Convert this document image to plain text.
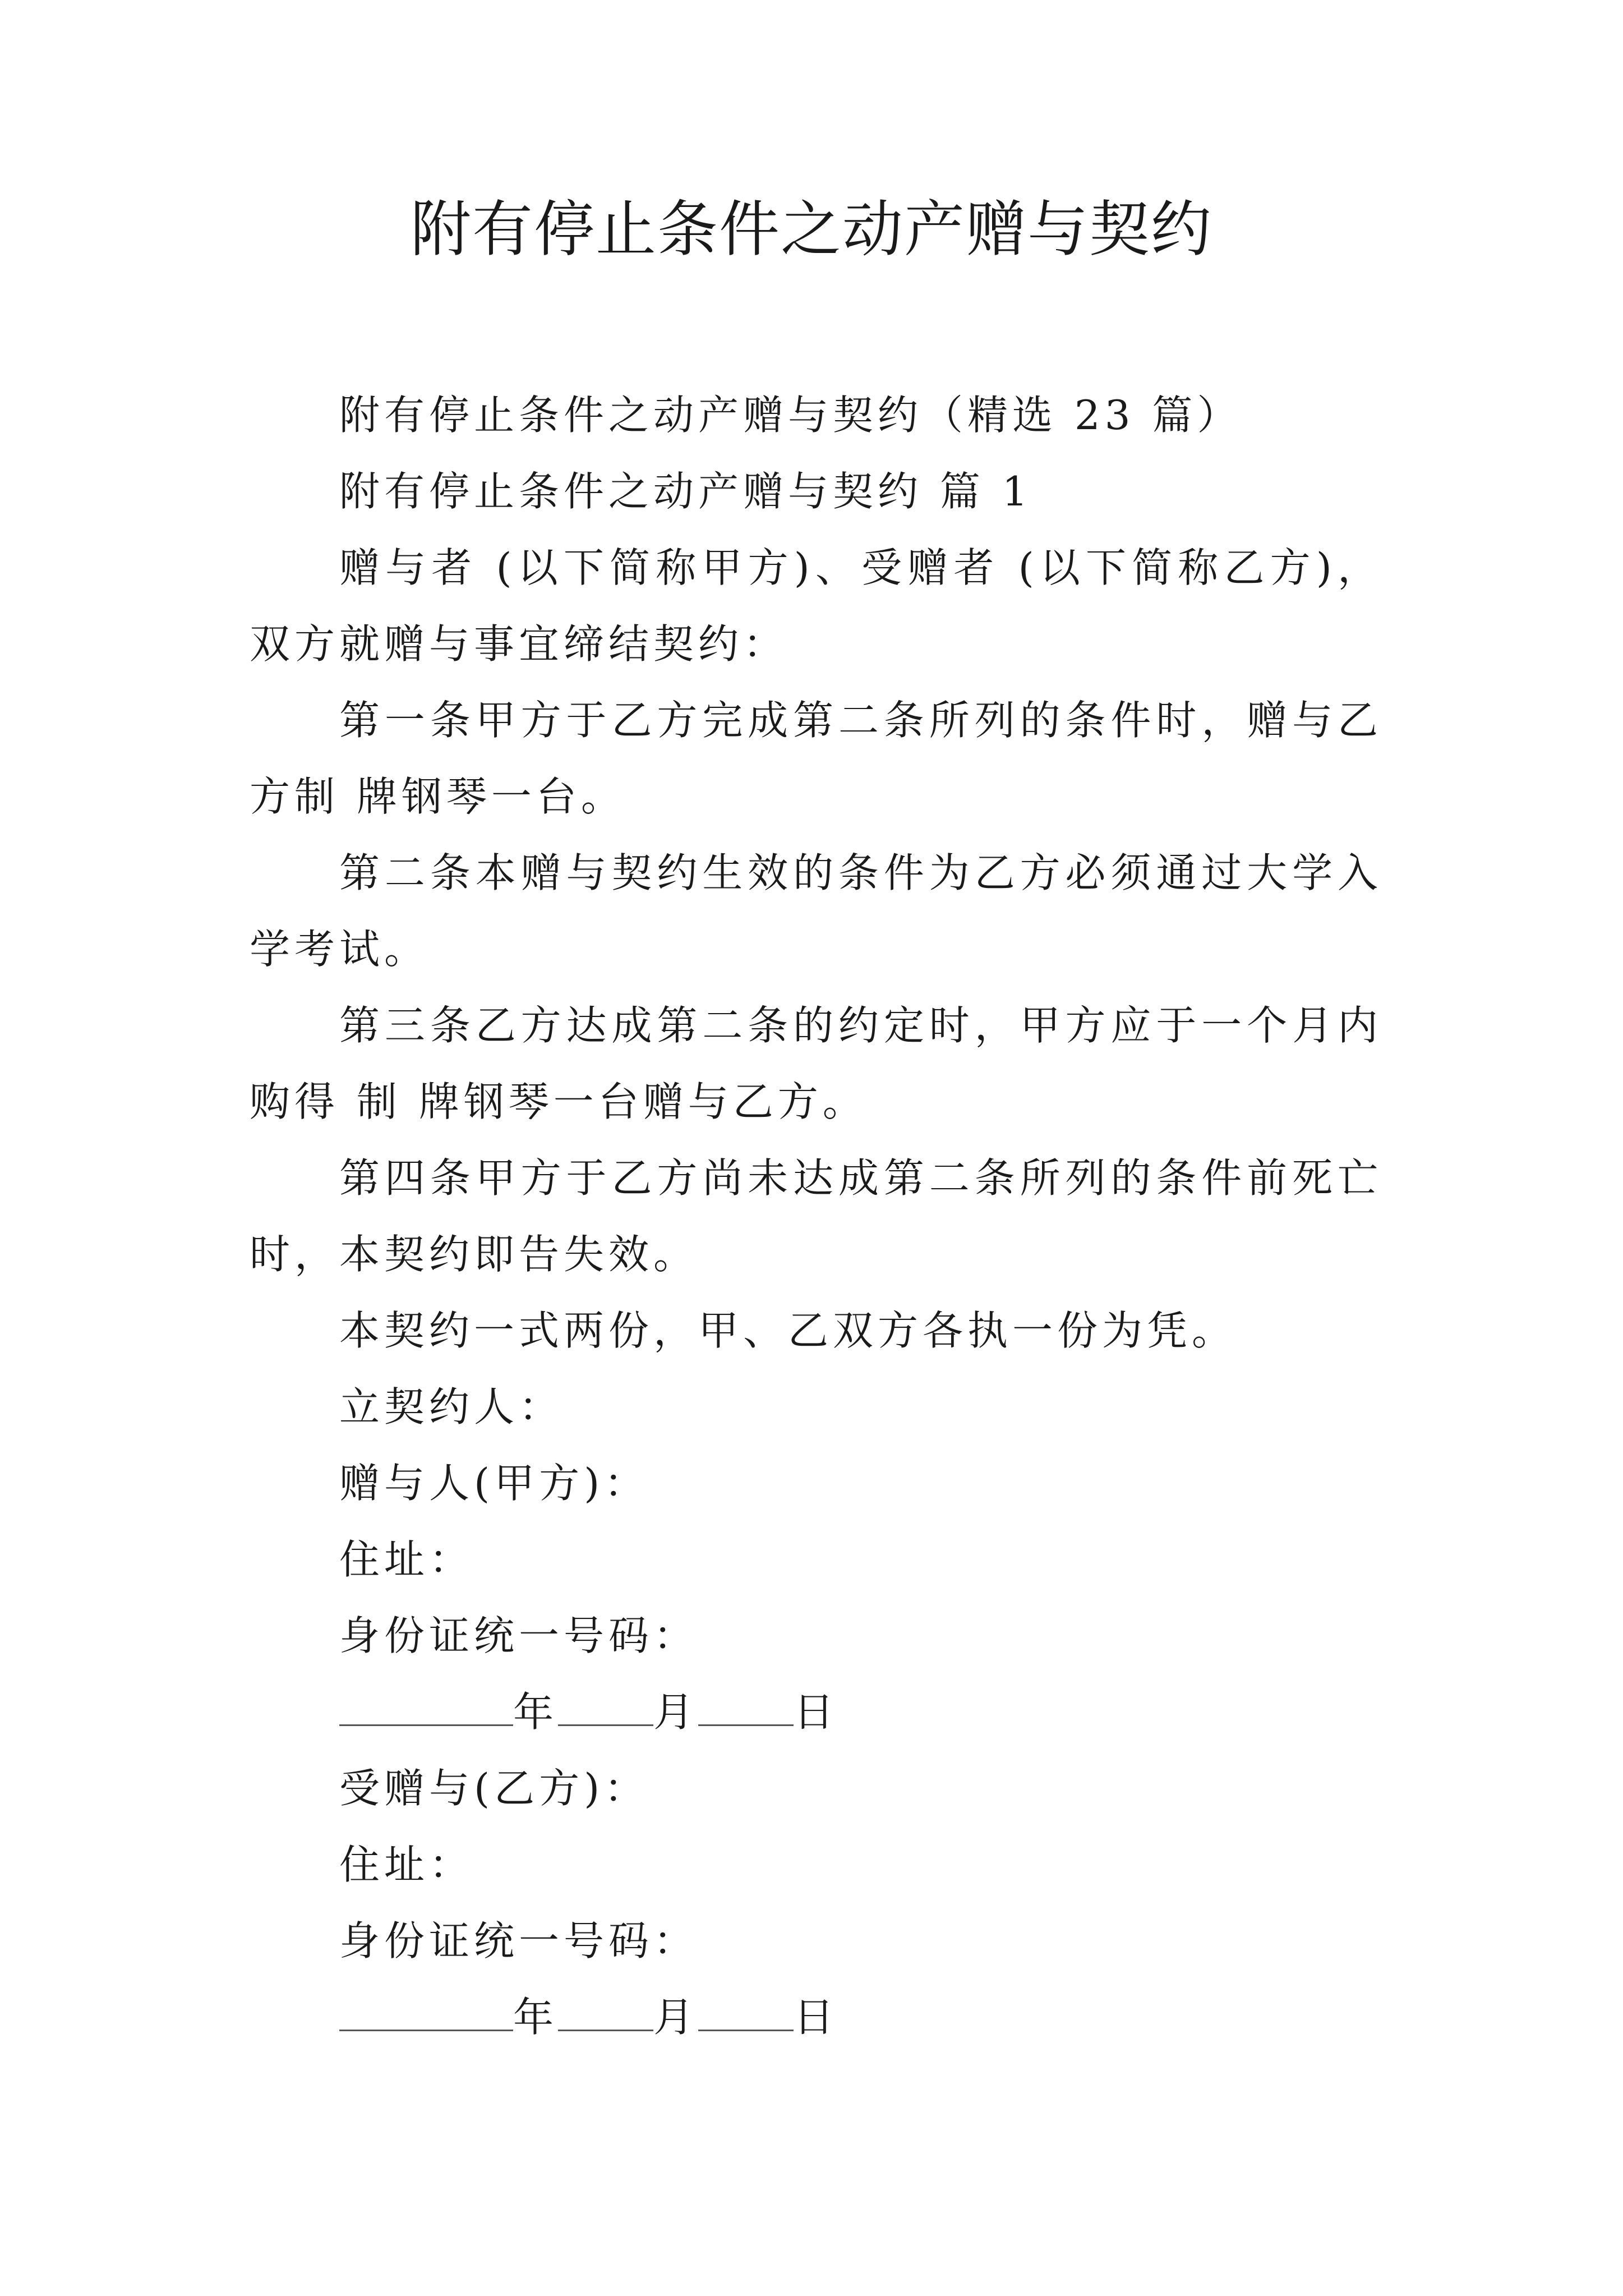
附有停止条件之动产赠与契约

附有停止条件之动产赠与契约（精选 23 篇）

附有停止条件之动产赠与契约 篇 1

赠与者 (以下简称甲方)、受赠者 (以下简称乙方)，双方就赠与事宜缔结契约：

第一条甲方于乙方完成第二条所列的条件时，赠与乙方制 牌钢琴一台。

第二条本赠与契约生效的条件为乙方必须通过大学入学考试。

第三条乙方达成第二条的约定时，甲方应于一个月内购得 制 牌钢琴一台赠与乙方。

第四条甲方于乙方尚未达成第二条所列的条件前死亡时，本契约即告失效。

本契约一式两份，甲、乙双方各执一份为凭。

立契约人：

赠与人(甲方)：

住址：

身份证统一号码：

年 月 日

受赠与(乙方)：

住址：

身份证统一号码：

年 月 日
